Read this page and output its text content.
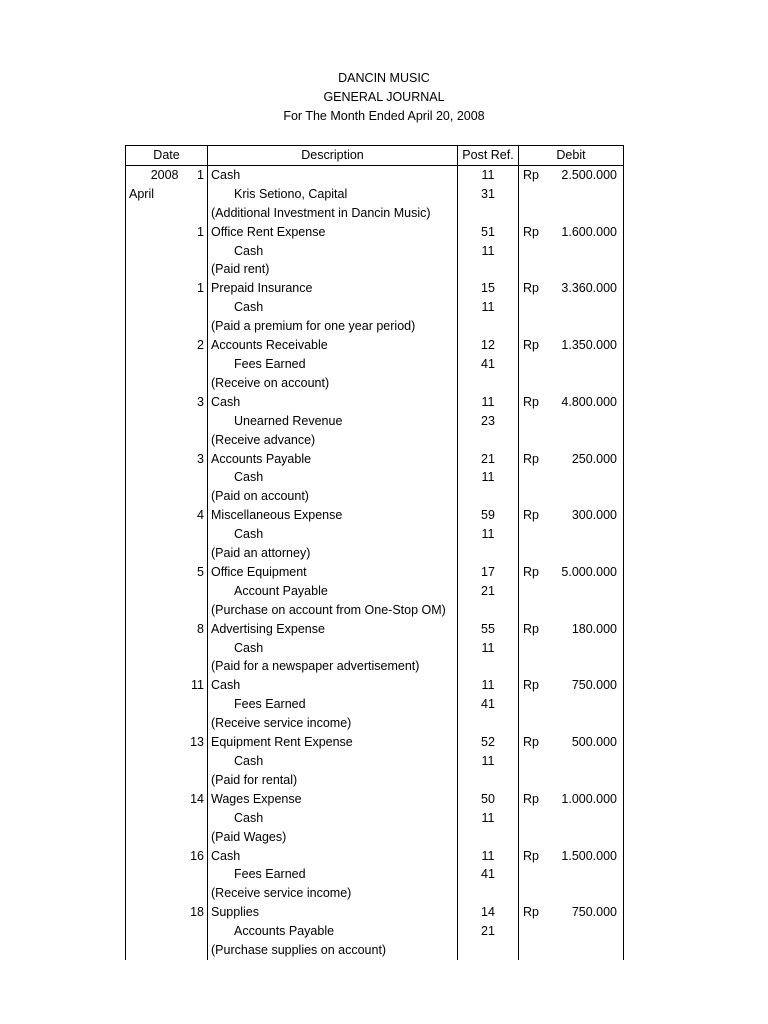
DANCIN MUSIC
GENERAL JOURNAL
For The Month Ended April 20, 2008
Date		Description	Post Ref.	Debit	
2008	1	Cash	11	Rp	2.500.000
April		Kris Setiono, Capital	31		
		(Additional Investment in Dancin Music)			
	1	Office Rent Expense	51	Rp	1.600.000
		Cash	11		
		(Paid rent)			
	1	Prepaid Insurance	15	Rp	3.360.000
		Cash	11		
		(Paid a premium for one year period)			
	2	Accounts Receivable	12	Rp	1.350.000
		Fees Earned	41		
		(Receive on account)			
	3	Cash	11	Rp	4.800.000
		Unearned Revenue	23		
		(Receive advance)			
	3	Accounts Payable	21	Rp	250.000
		Cash	11		
		(Paid on account)			
	4	Miscellaneous Expense	59	Rp	300.000
		Cash	11		
		(Paid an attorney)			
	5	Office Equipment	17	Rp	5.000.000
		Account Payable	21		
		(Purchase on account from One-Stop OM)			
	8	Advertising Expense	55	Rp	180.000
		Cash	11		
		(Paid for a newspaper advertisement)			
	11	Cash	11	Rp	750.000
		Fees Earned	41		
		(Receive service income)			
	13	Equipment Rent Expense	52	Rp	500.000
		Cash	11		
		(Paid for rental)			
	14	Wages Expense	50	Rp	1.000.000
		Cash	11		
		(Paid Wages)			
	16	Cash	11	Rp	1.500.000
		Fees Earned	41		
		(Receive service income)			
	18	Supplies	14	Rp	750.000
		Accounts Payable	21		
		(Purchase supplies on account)			
